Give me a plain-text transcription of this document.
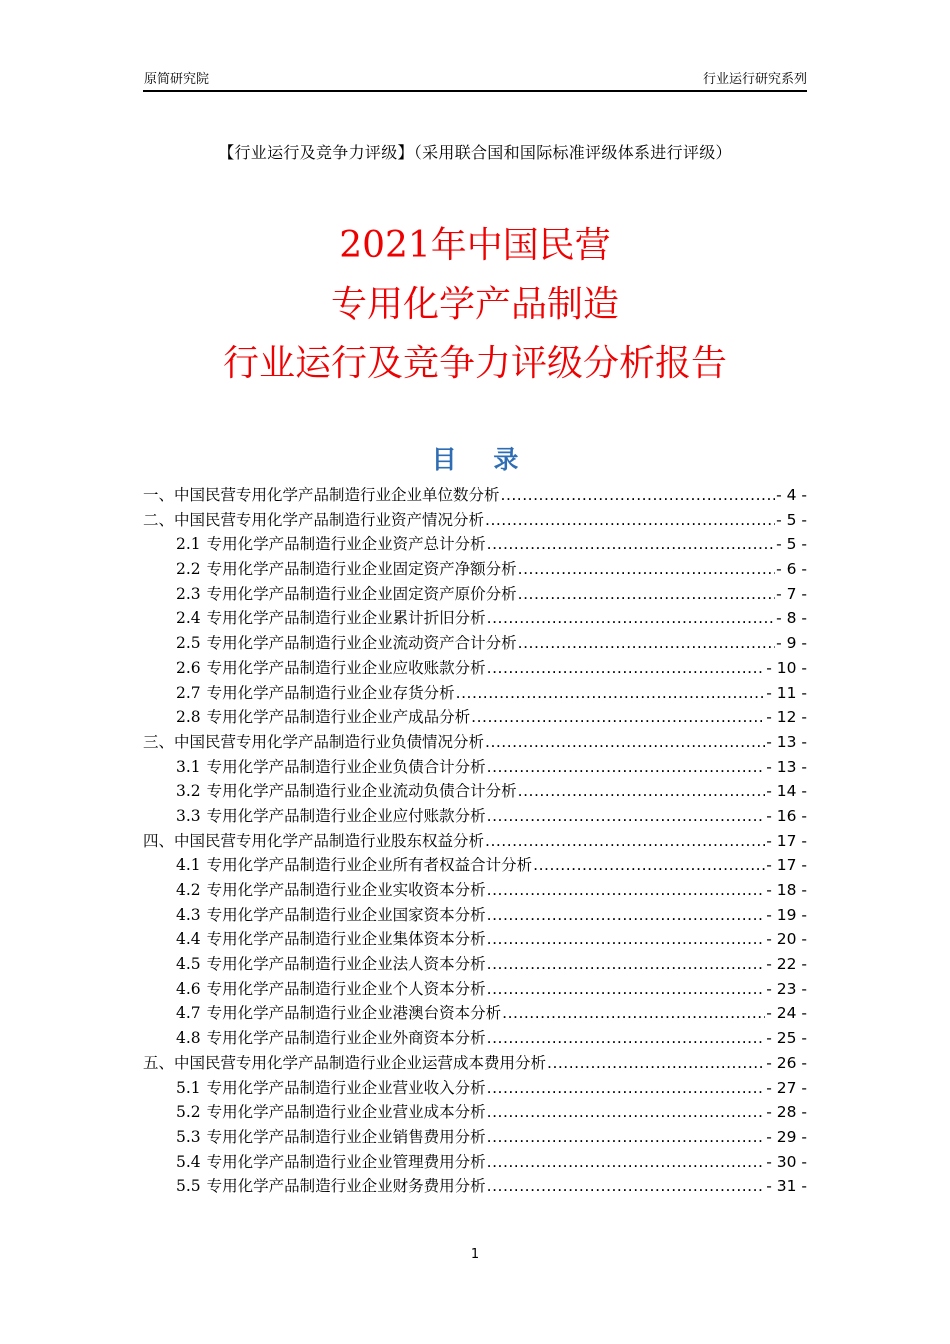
原简研究院	行业运行研究系列
【行业运行及竞争力评级】（采用联合国和国际标准评级体系进行评级）
2021年中国民营
专用化学产品制造
行业运行及竞争力评级分析报告
目 录
一、 中国民营专用化学产品制造行业企业单位数分析 .....	- 4 -
二、 中国民营专用化学产品制造行业资产情况分析 .....	- 5 -
2.1 专用化学产品制造行业企业资产总计分析 .....	- 5 -
2.2 专用化学产品制造行业企业固定资产净额分析 .....	- 6 -
2.3 专用化学产品制造行业企业固定资产原价分析 .....	- 7 -
2.4 专用化学产品制造行业企业累计折旧分析 .....	- 8 -
2.5 专用化学产品制造行业企业流动资产合计分析 .....	- 9 -
2.6 专用化学产品制造行业企业应收账款分析 .....	- 10 -
2.7 专用化学产品制造行业企业存货分析 .....	- 11 -
2.8 专用化学产品制造行业企业产成品分析 .....	- 12 -
三、 中国民营专用化学产品制造行业负债情况分析 .....	- 13 -
3.1 专用化学产品制造行业企业负债合计分析 .....	- 13 -
3.2 专用化学产品制造行业企业流动负债合计分析 .....	- 14 -
3.3 专用化学产品制造行业企业应付账款分析 .....	- 16 -
四、 中国民营专用化学产品制造行业股东权益分析 .....	- 17 -
4.1 专用化学产品制造行业企业所有者权益合计分析 .....	- 17 -
4.2 专用化学产品制造行业企业实收资本分析 .....	- 18 -
4.3 专用化学产品制造行业企业国家资本分析 .....	- 19 -
4.4 专用化学产品制造行业企业集体资本分析 .....	- 20 -
4.5 专用化学产品制造行业企业法人资本分析 .....	- 22 -
4.6 专用化学产品制造行业企业个人资本分析 .....	- 23 -
4.7 专用化学产品制造行业企业港澳台资本分析 .....	- 24 -
4.8 专用化学产品制造行业企业外商资本分析 .....	- 25 -
五、 中国民营专用化学产品制造行业企业运营成本费用分析 .....	- 26 -
5.1 专用化学产品制造行业企业营业收入分析 .....	- 27 -
5.2 专用化学产品制造行业企业营业成本分析 .....	- 28 -
5.3 专用化学产品制造行业企业销售费用分析 .....	- 29 -
5.4 专用化学产品制造行业企业管理费用分析 .....	- 30 -
5.5 专用化学产品制造行业企业财务费用分析 .....	- 31 -
1
